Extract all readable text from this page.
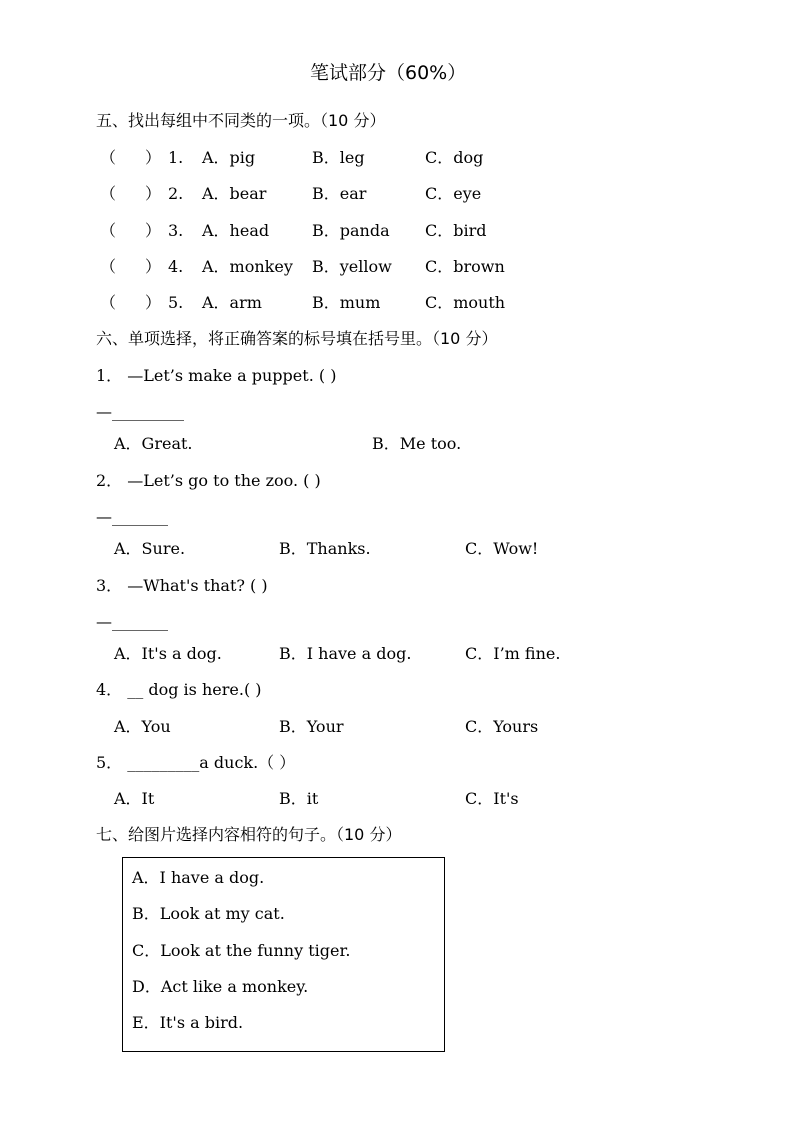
笔试部分（60%）
五、找出每组中不同类的一项。（10 分）
（ ） 1. A．pig	B．leg	C．dog
（ ） 2. A．bear	B．ear	C．eye
（ ） 3. A．head	B．panda C．bird
（ ） 4. A．monkey B．yellow C．brown
（ ） 5. A．arm	B．mum	C．mouth
六、单项选择，将正确答案的标号填在括号里。（10 分）
1． —Let’s make a puppet. ( )
—_________
A．Great.	B．Me too.
2． —Let’s go to the zoo. ( )
—_______
A．Sure.	B．Thanks.	C．Wow!
3． —What's that? ( )
—_______
A．It's a dog.	B．I have a dog.	C．I’m fine.
4． __ dog is here.( )
A．You	B．Your	C．Yours
5． _________a duck.（ ）
A．It	B．it	C．It's
七、给图片选择内容相符的句子。（10 分）
A．I have a dog.
B．Look at my cat.
C．Look at the funny tiger.
D．Act like a monkey.
E．It's a bird.
